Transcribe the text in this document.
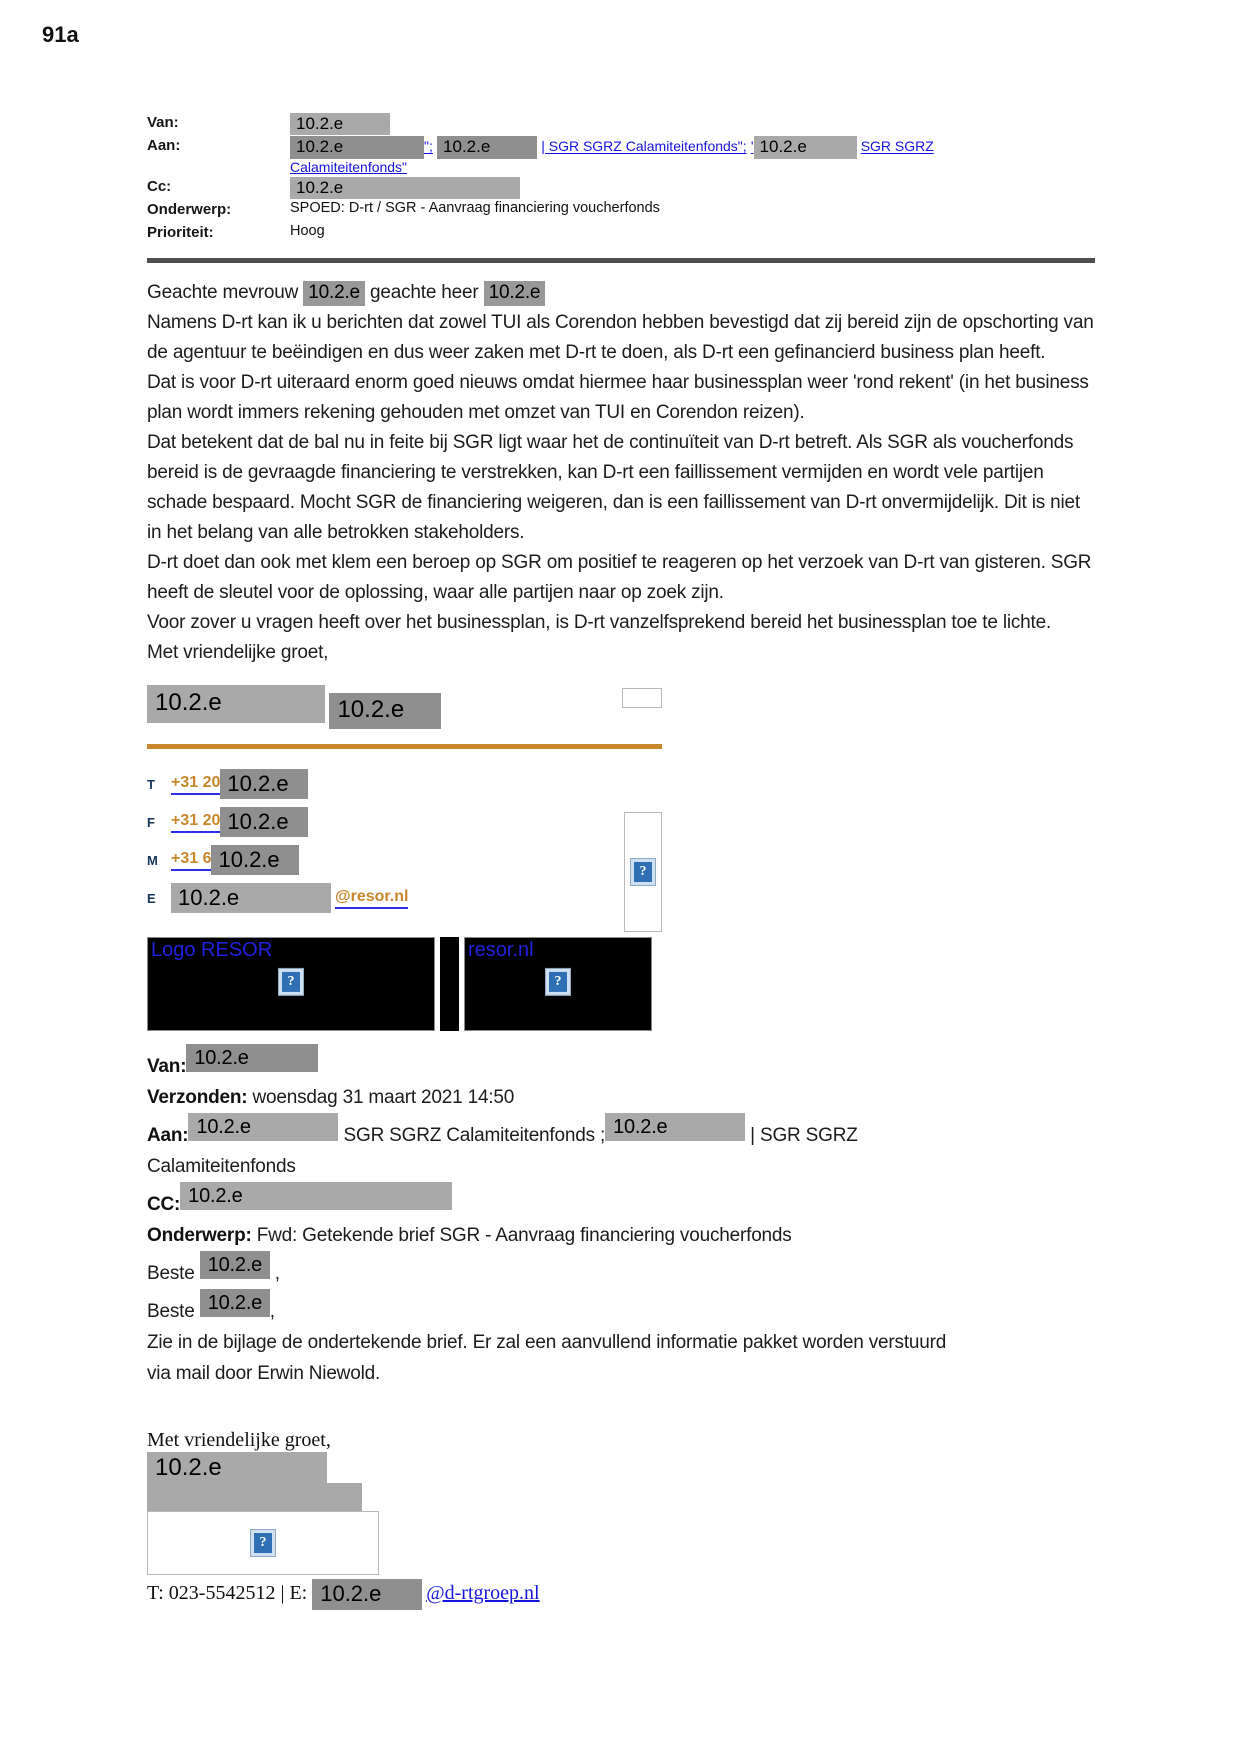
91a
Van:	10.2.e
Aan:	10.2.e	"; 10.2.e	| SGR SGRZ Calamiteitenfonds"; ' 10.2.e	SGR SGRZ
Calamiteitenfonds"
Cc:	10.2.e
Onderwerp:	SPOED: D-rt / SGR - Aanvraag financiering voucherfonds
Prioriteit:	Hoog

Geachte mevrouw 10.2.e geachte heer 10.2.e

Namens D-rt kan ik u berichten dat zowel TUI als Corendon hebben bevestigd dat zij bereid zijn de opschorting van de agentuur te beëindigen en dus weer zaken met D-rt te doen, als D-rt een gefinancierd business plan heeft.

Dat is voor D-rt uiteraard enorm goed nieuws omdat hiermee haar businessplan weer 'rond rekent' (in het business plan wordt immers rekening gehouden met omzet van TUI en Corendon reizen).

Dat betekent dat de bal nu in feite bij SGR ligt waar het de continuïteit van D-rt betreft. Als SGR als voucherfonds bereid is de gevraagde financiering te verstrekken, kan D-rt een faillissement vermijden en wordt vele partijen schade bespaard. Mocht SGR de financiering weigeren, dan is een faillissement van D-rt onvermijdelijk. Dit is niet in het belang van alle betrokken stakeholders.

D-rt doet dan ook met klem een beroep op SGR om positief te reageren op het verzoek van D-rt van gisteren. SGR heeft de sleutel voor de oplossing, waar alle partijen naar op zoek zijn.

Voor zover u vragen heeft over het businessplan, is D-rt vanzelfsprekend bereid het businessplan toe te lichte.

Met vriendelijke groet,

10.2.e	10.2.e
T	+31 20 10.2.e
F	+31 20 10.2.e
M +31 6 10.2.e
E	10.2.e	@resor.nl
?
Logo RESOR
?
resor.nl
?
Van: 10.2.e
Verzonden: woensdag 31 maart 2021 14:50
Aan: 10.2.e	SGR SGRZ Calamiteitenfonds ; 10.2.e	| SGR SGRZ
Calamiteitenfonds
CC: 10.2.e
Onderwerp: Fwd: Getekende brief SGR - Aanvraag financiering voucherfonds
Beste 10.2.e ,
Beste 10.2.e ,
Zie in de bijlage de ondertekende brief. Er zal een aanvullend informatie pakket worden verstuurd via mail door Erwin Niewold.
Met vriendelijke groet,
10.2.e
?
T: 023-5542512 | E: 10.2.e @d-rtgroep.nl
